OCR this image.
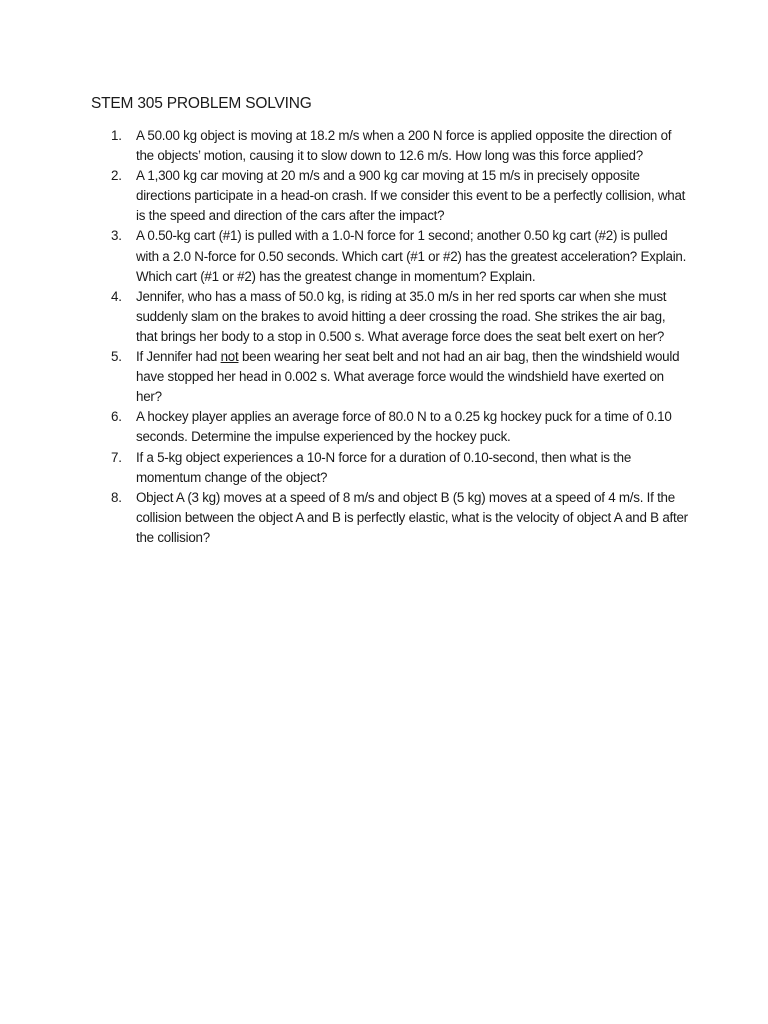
STEM 305 PROBLEM SOLVING
1. A 50.00 kg object is moving at 18.2 m/s when a 200 N force is applied opposite the direction of the objects’ motion, causing it to slow down to 12.6 m/s. How long was this force applied?
2. A 1,300 kg car moving at 20 m/s and a 900 kg car moving at 15 m/s in precisely opposite directions participate in a head-on crash. If we consider this event to be a perfectly collision, what is the speed and direction of the cars after the impact?
3. A 0.50-kg cart (#1) is pulled with a 1.0-N force for 1 second; another 0.50 kg cart (#2) is pulled with a 2.0 N-force for 0.50 seconds. Which cart (#1 or #2) has the greatest acceleration? Explain. Which cart (#1 or #2) has the greatest change in momentum? Explain.
4. Jennifer, who has a mass of 50.0 kg, is riding at 35.0 m/s in her red sports car when she must suddenly slam on the brakes to avoid hitting a deer crossing the road. She strikes the air bag, that brings her body to a stop in 0.500 s. What average force does the seat belt exert on her?
5. If Jennifer had not been wearing her seat belt and not had an air bag, then the windshield would have stopped her head in 0.002 s. What average force would the windshield have exerted on her?
6. A hockey player applies an average force of 80.0 N to a 0.25 kg hockey puck for a time of 0.10 seconds. Determine the impulse experienced by the hockey puck.
7. If a 5-kg object experiences a 10-N force for a duration of 0.10-second, then what is the momentum change of the object?
8. Object A (3 kg) moves at a speed of 8 m/s and object B (5 kg) moves at a speed of 4 m/s. If the collision between the object A and B is perfectly elastic, what is the velocity of object A and B after the collision?
